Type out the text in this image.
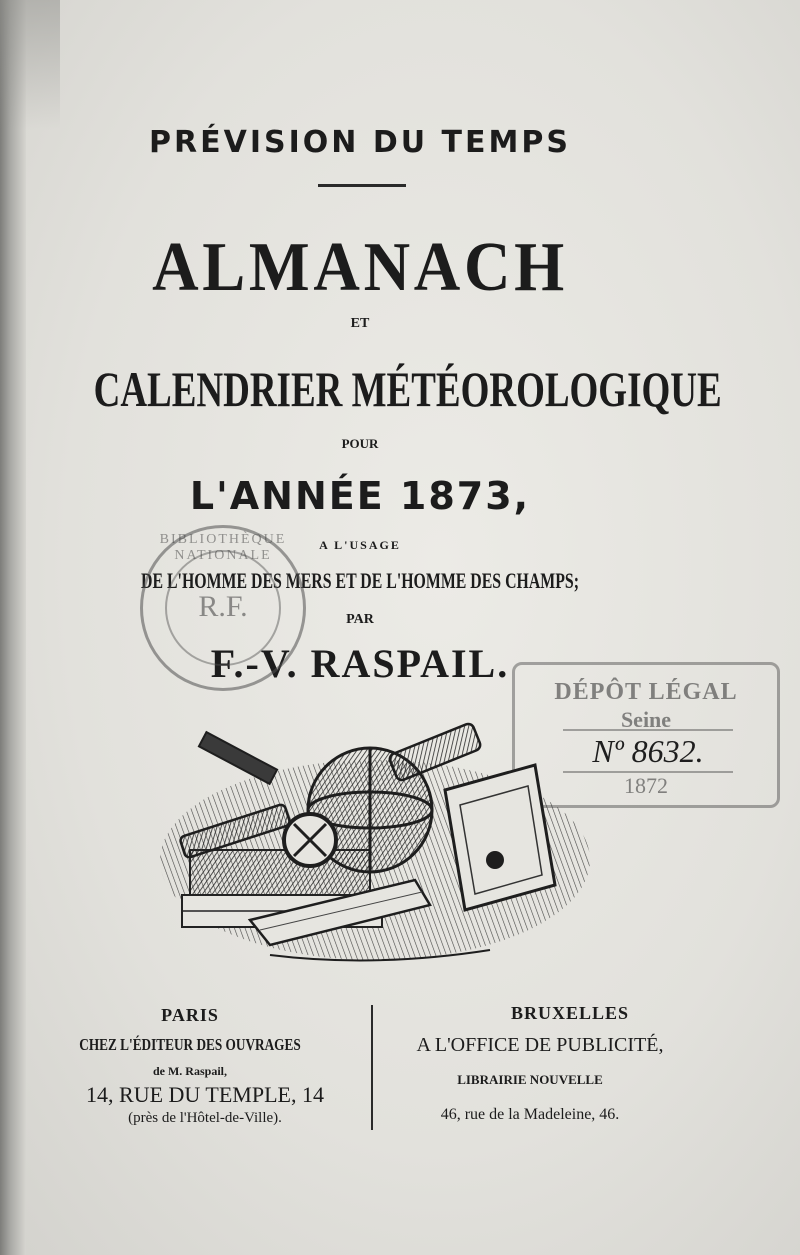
PRÉVISION DU TEMPS
ALMANACH
ET
CALENDRIER MÉTÉOROLOGIQUE
POUR
L'ANNÉE 1873,
A L'USAGE
DE L'HOMME DES MERS ET DE L'HOMME DES CHAMPS;
PAR
F.-V. RASPAIL.
BIBLIOTHÈQUE NATIONALE
R.F.
DÉPÔT LÉGAL
Seine
Nº 8632.
1872
PARIS
CHEZ L'ÉDITEUR DES OUVRAGES
de M. Raspail,
14, RUE DU TEMPLE, 14
(près de l'Hôtel-de-Ville).
BRUXELLES
A L'OFFICE DE PUBLICITÉ,
LIBRAIRIE NOUVELLE
46, rue de la Madeleine, 46.
